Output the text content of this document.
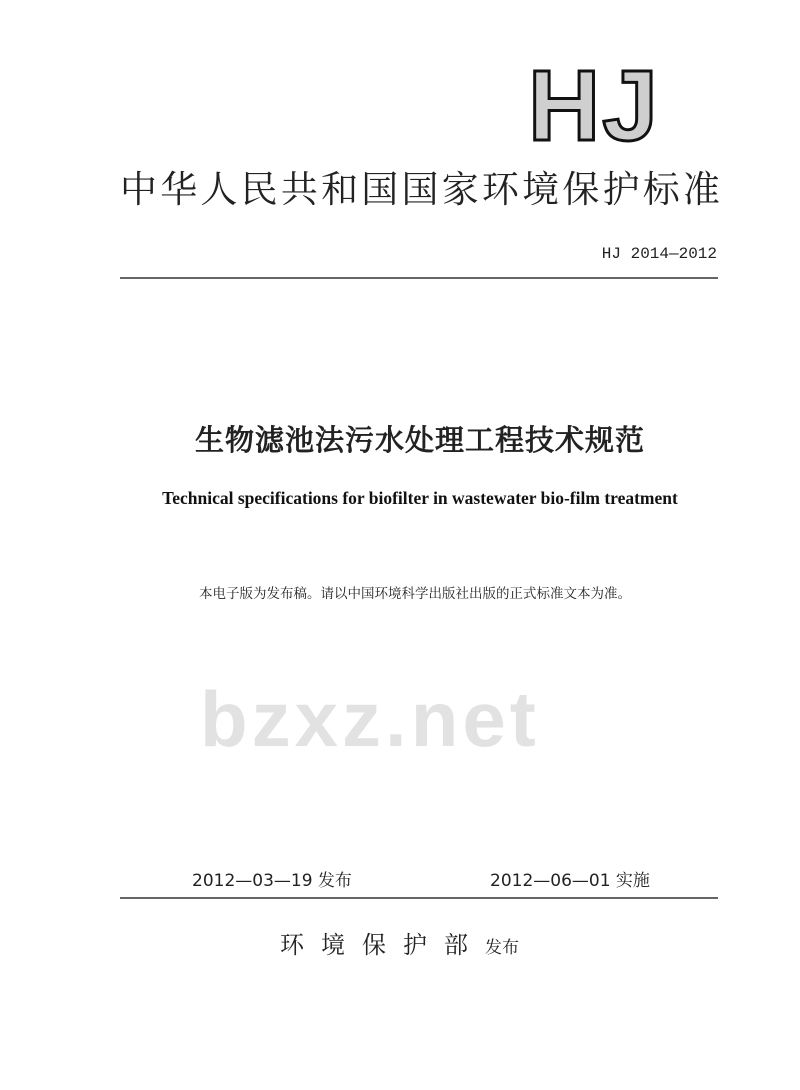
bzxz.net
HJ
中华人民共和国国家环境保护标准
HJ 2014—2012
生物滤池法污水处理工程技术规范
Technical specifications for biofilter in wastewater bio-film treatment
本电子版为发布稿。请以中国环境科学出版社出版的正式标准文本为准。
2012—03—19 发布	2012—06—01 实施
环境保护部发布
